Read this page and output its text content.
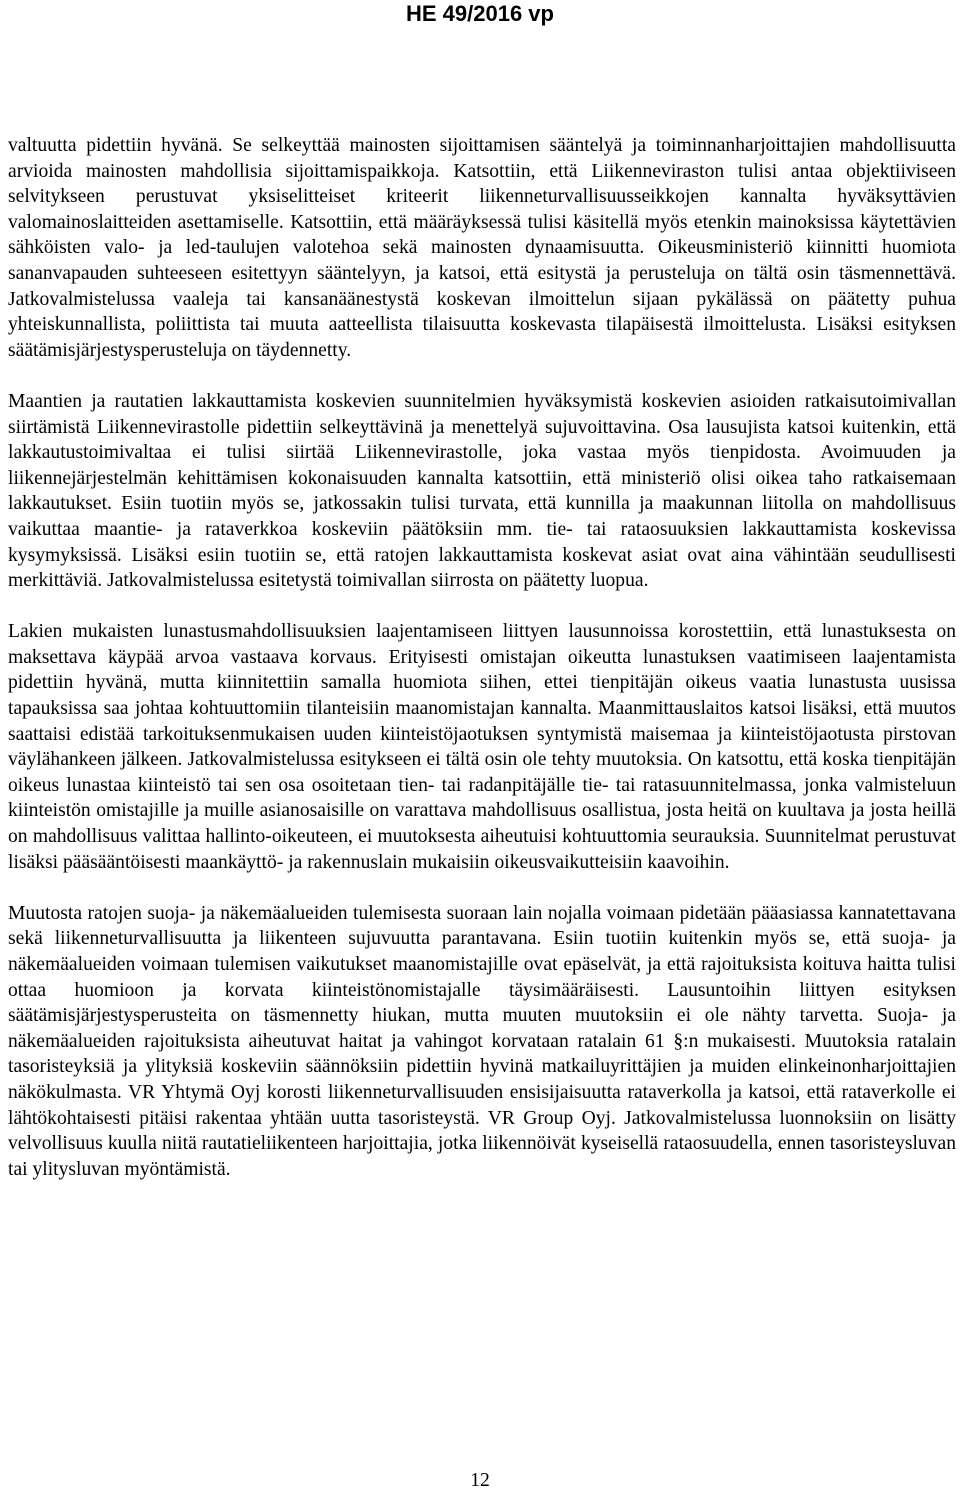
HE 49/2016 vp

valtuutta pidettiin hyvänä. Se selkeyttää mainosten sijoittamisen sääntelyä ja toiminnanharjoittajien mahdollisuutta arvioida mainosten mahdollisia sijoittamispaikkoja. Katsottiin, että Liikenneviraston tulisi antaa objektiiviseen selvitykseen perustuvat yksiselitteiset kriteerit liikenneturvallisuusseikkojen kannalta hyväksyttävien valomainoslaitteiden asettamiselle. Katsottiin, että määräyksessä tulisi käsitellä myös etenkin mainoksissa käytettävien sähköisten valo- ja led-taulujen valotehoa sekä mainosten dynaamisuutta. Oikeusministeriö kiinnitti huomiota sananvapauden suhteeseen esitettyyn sääntelyyn, ja katsoi, että esitystä ja perusteluja on tältä osin täsmennettävä. Jatkovalmistelussa vaaleja tai kansanäänestystä koskevan ilmoittelun sijaan pykälässä on päätetty puhua yhteiskunnallista, poliittista tai muuta aatteellista tilaisuutta koskevasta tilapäisestä ilmoittelusta. Lisäksi esityksen säätämisjärjestysperusteluja on täydennetty.

Maantien ja rautatien lakkauttamista koskevien suunnitelmien hyväksymistä koskevien asioiden ratkaisutoimivallan siirtämistä Liikennevirastolle pidettiin selkeyttävinä ja menettelyä sujuvoittavina. Osa lausujista katsoi kuitenkin, että lakkautustoimivaltaa ei tulisi siirtää Liikennevirastolle, joka vastaa myös tienpidosta. Avoimuuden ja liikennejärjestelmän kehittämisen kokonaisuuden kannalta katsottiin, että ministeriö olisi oikea taho ratkaisemaan lakkautukset. Esiin tuotiin myös se, jatkossakin tulisi turvata, että kunnilla ja maakunnan liitolla on mahdollisuus vaikuttaa maantie- ja rataverkkoa koskeviin päätöksiin mm. tie- tai rataosuuksien lakkauttamista koskevissa kysymyksissä. Lisäksi esiin tuotiin se, että ratojen lakkauttamista koskevat asiat ovat aina vähintään seudullisesti merkittäviä. Jatkovalmistelussa esitetystä toimivallan siirrosta on päätetty luopua.

Lakien mukaisten lunastusmahdollisuuksien laajentamiseen liittyen lausunnoissa korostettiin, että lunastuksesta on maksettava käypää arvoa vastaava korvaus. Erityisesti omistajan oikeutta lunastuksen vaatimiseen laajentamista pidettiin hyvänä, mutta kiinnitettiin samalla huomiota siihen, ettei tienpitäjän oikeus vaatia lunastusta uusissa tapauksissa saa johtaa kohtuuttomiin tilanteisiin maanomistajan kannalta. Maanmittauslaitos katsoi lisäksi, että muutos saattaisi edistää tarkoituksenmukaisen uuden kiinteistöjaotuksen syntymistä maisemaa ja kiinteistöjaotusta pirstovan väylähankeen jälkeen. Jatkovalmistelussa esitykseen ei tältä osin ole tehty muutoksia. On katsottu, että koska tienpitäjän oikeus lunastaa kiinteistö tai sen osa osoitetaan tien- tai radanpitäjälle tie- tai ratasuunnitelmassa, jonka valmisteluun kiinteistön omistajille ja muille asianosaisille on varattava mahdollisuus osallistua, josta heitä on kuultava ja josta heillä on mahdollisuus valittaa hallinto-oikeuteen, ei muutoksesta aiheutuisi kohtuuttomia seurauksia. Suunnitelmat perustuvat lisäksi pääsääntöisesti maankäyttö- ja rakennuslain mukaisiin oikeusvaikutteisiin kaavoihin.

Muutosta ratojen suoja- ja näkemäalueiden tulemisesta suoraan lain nojalla voimaan pidetään pääasiassa kannatettavana sekä liikenneturvallisuutta ja liikenteen sujuvuutta parantavana. Esiin tuotiin kuitenkin myös se, että suoja- ja näkemäalueiden voimaan tulemisen vaikutukset maanomistajille ovat epäselvät, ja että rajoituksista koituva haitta tulisi ottaa huomioon ja korvata kiinteistönomistajalle täysimääräisesti. Lausuntoihin liittyen esityksen säätämisjärjestysperusteita on täsmennetty hiukan, mutta muuten muutoksiin ei ole nähty tarvetta. Suoja- ja näkemäalueiden rajoituksista aiheutuvat haitat ja vahingot korvataan ratalain 61 §:n mukaisesti. Muutoksia ratalain tasoristeyksiä ja ylityksiä koskeviin säännöksiin pidettiin hyvinä matkailuyrittäjien ja muiden elinkeinonharjoittajien näkökulmasta. VR Yhtymä Oyj korosti liikenneturvallisuuden ensisijaisuutta rataverkolla ja katsoi, että rataverkolle ei lähtökohtaisesti pitäisi rakentaa yhtään uutta tasoristeystä. VR Group Oyj. Jatkovalmistelussa luonnoksiin on lisätty velvollisuus kuulla niitä rautatieliikenteen harjoittajia, jotka liikennöivät kyseisellä rataosuudella, ennen tasoristeysluvan tai ylitysluvan myöntämistä.

12
